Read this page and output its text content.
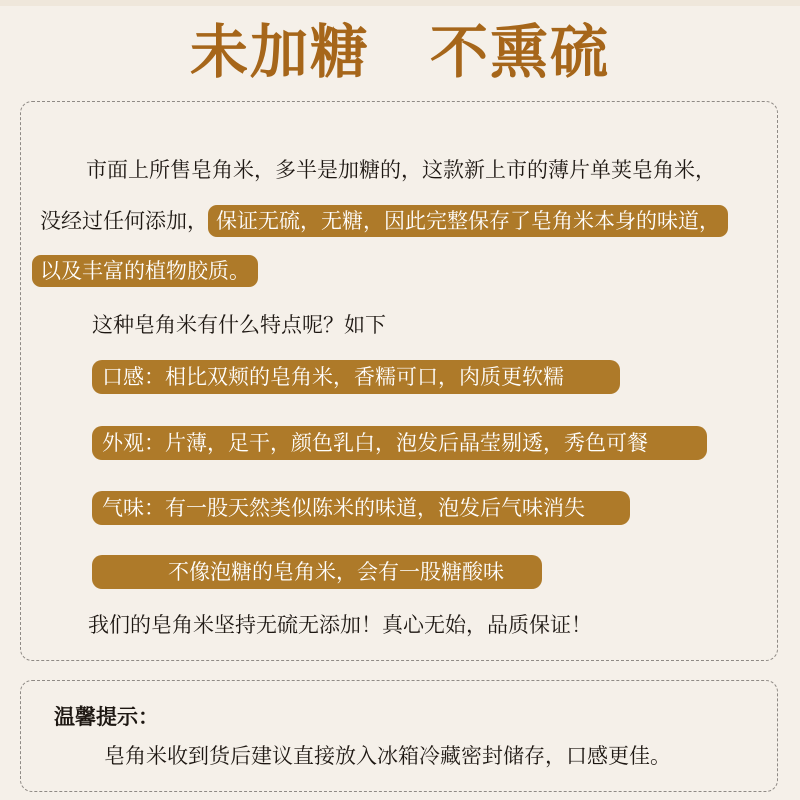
未加糖　不熏硫
市面上所售皂角米，多半是加糖的，这款新上市的薄片单荚皂角米，
没经过任何添加， 保证无硫，无糖，因此完整保存了皂角米本身的味道，
以及丰富的植物胶质。
这种皂角米有什么特点呢？如下
口感：相比双颊的皂角米，香糯可口，肉质更软糯
外观：片薄，足干，颜色乳白，泡发后晶莹剔透，秀色可餐
气味：有一股天然类似陈米的味道，泡发后气味消失
不像泡糖的皂角米，会有一股糖酸味
我们的皂角米坚持无硫无添加！真心无始，品质保证！
温馨提示：
皂角米收到货后建议直接放入冰箱冷藏密封储存，口感更佳。
